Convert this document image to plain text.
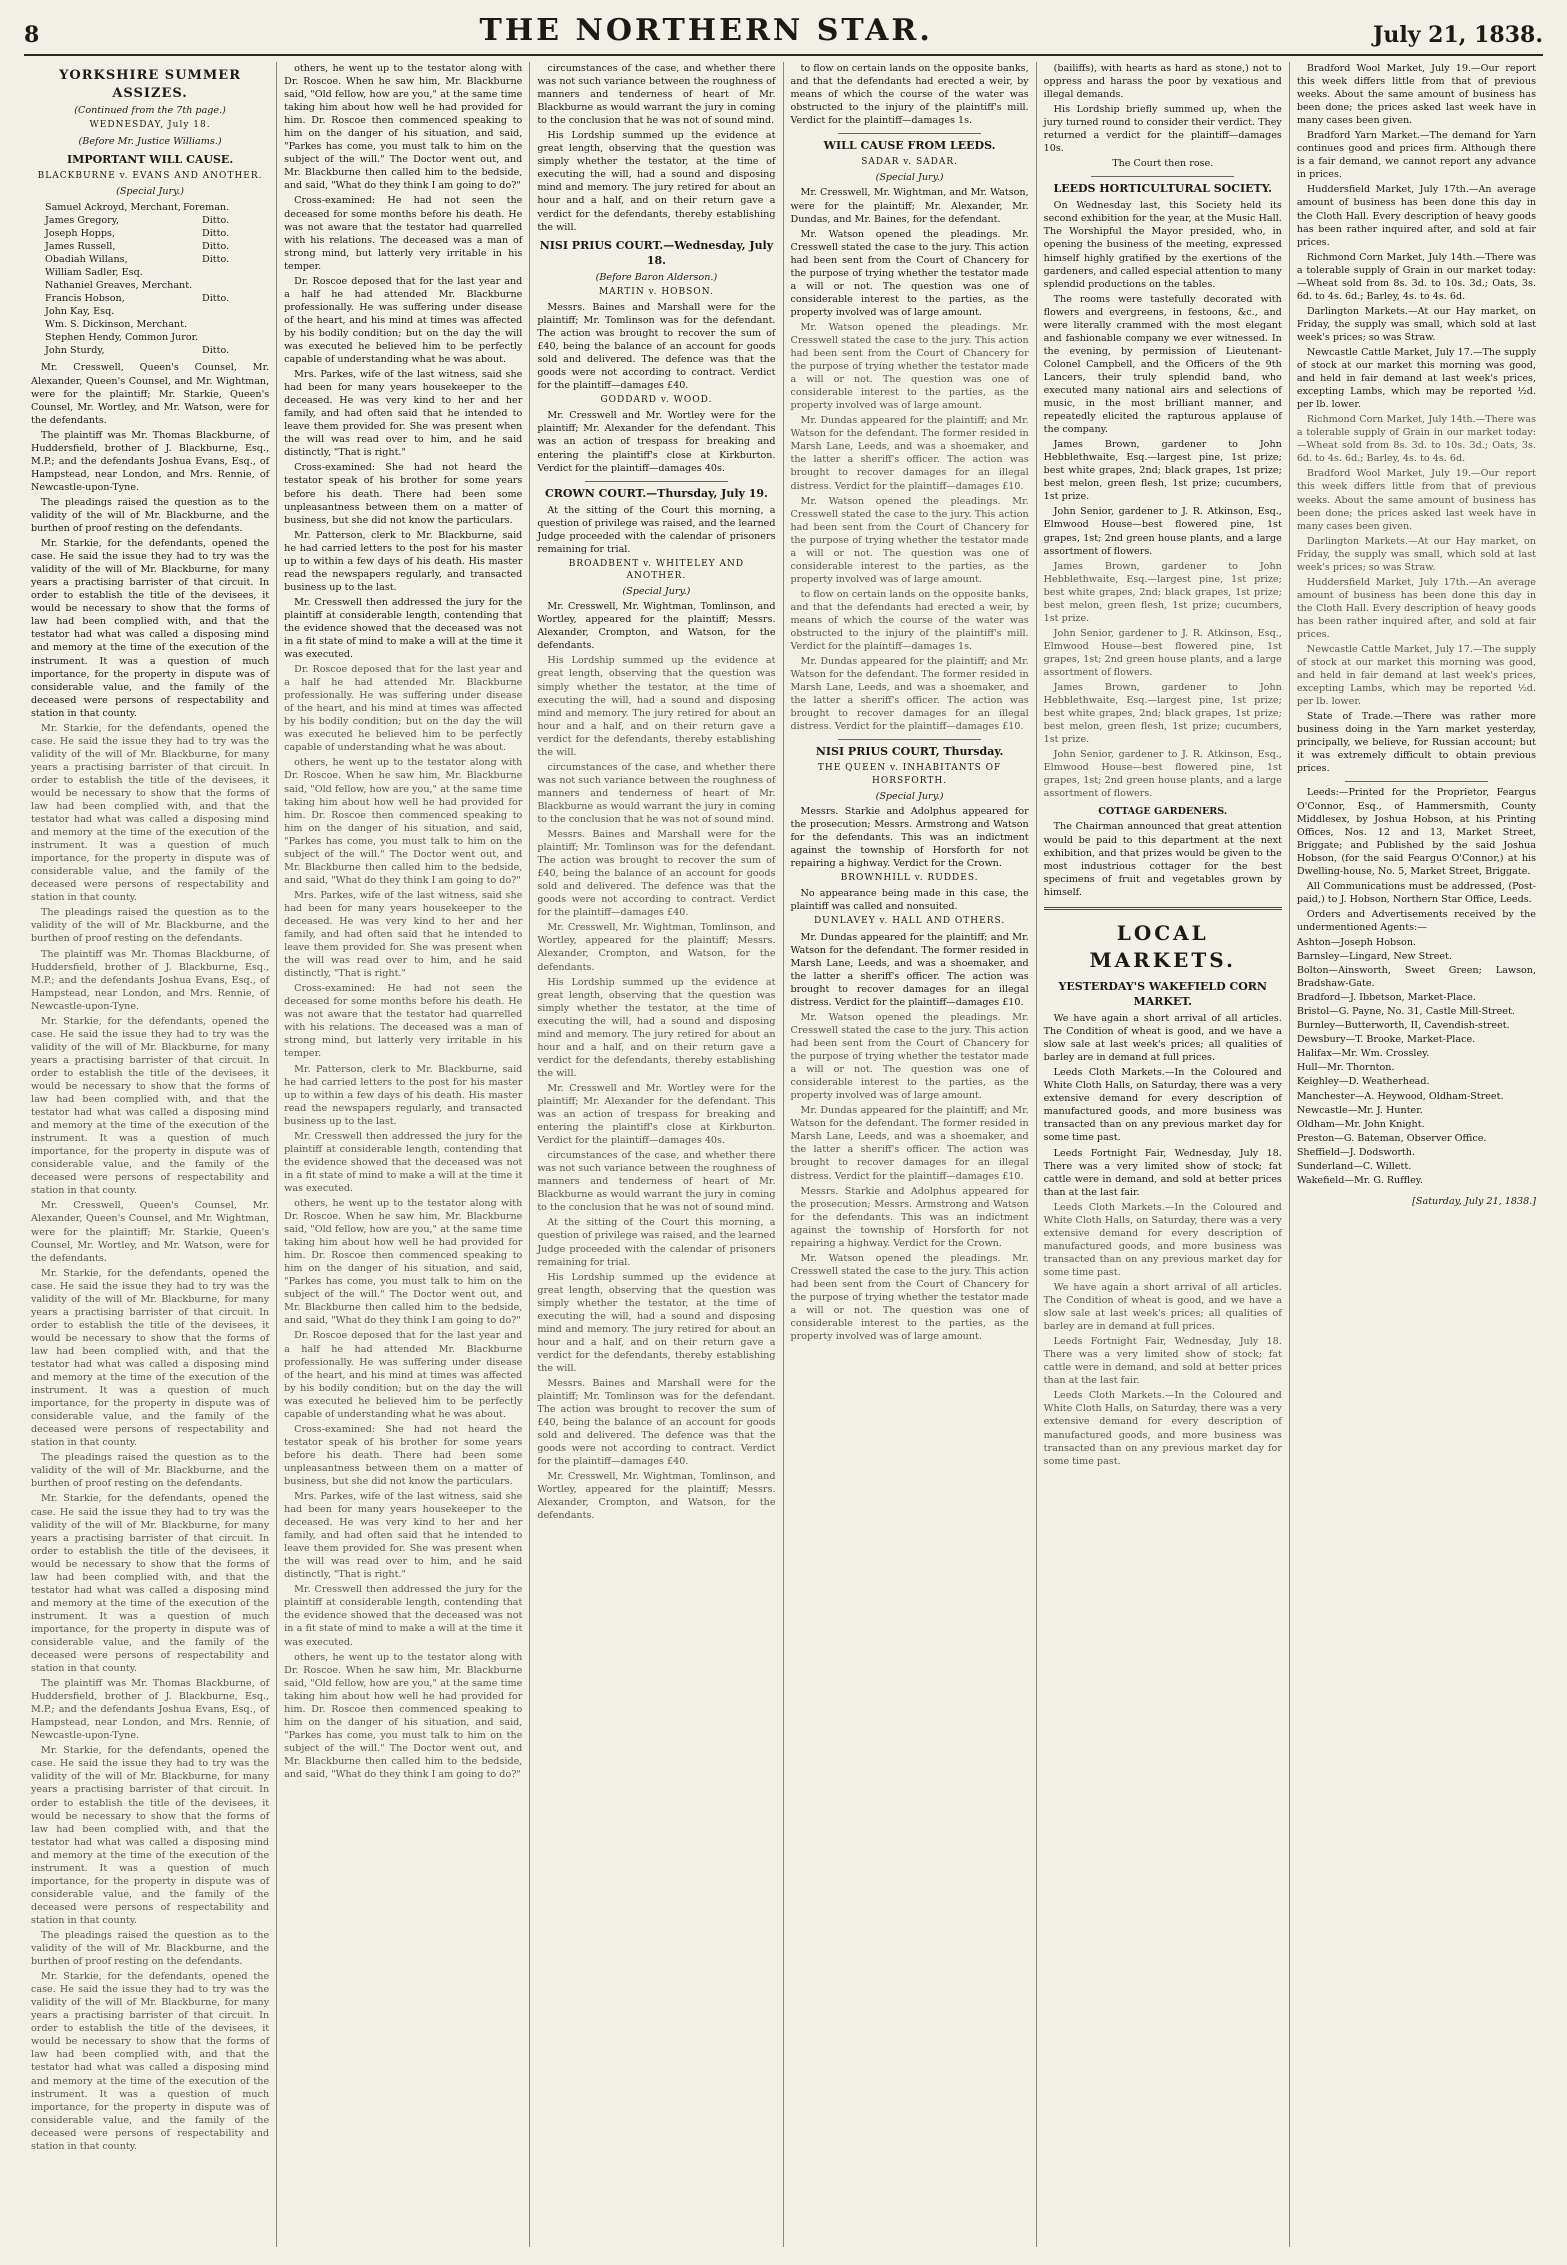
8	THE NORTHERN STAR.	July 21, 1838.
YORKSHIRE SUMMER ASSIZES.
(Continued from the 7th page.)
WEDNESDAY, July 18.
(Before Mr. Justice Williams.)
IMPORTANT WILL CAUSE.
BLACKBURNE v. EVANS AND ANOTHER.
(Special Jury.)
Samuel Ackroyd, Merchant, Foreman.
James Gregory,	Ditto.
Joseph Hopps,	Ditto.
James Russell,	Ditto.
Obadiah Willans,	Ditto.
William Sadler, Esq.
Nathaniel Greaves, Merchant.
Francis Hobson,	Ditto.
John Kay, Esq.
Wm. S. Dickinson, Merchant.
Stephen Hendy, Common Juror.
John Sturdy,	Ditto.

Mr. Cresswell, Queen's Counsel, Mr. Alexander, Queen's Counsel, and Mr. Wightman, were for the plaintiff; Mr. Starkie, Queen's Counsel, Mr. Wortley, and Mr. Watson, were for the defendants.

The plaintiff was Mr. Thomas Blackburne, of Huddersfield, brother of J. Blackburne, Esq., M.P.; and the defendants Joshua Evans, Esq., of Hampstead, near London, and Mrs. Rennie, of Newcastle-upon-Tyne.

The pleadings raised the question as to the validity of the will of Mr. Blackburne, and the burthen of proof resting on the defendants.

Mr. Starkie, for the defendants, opened the case. He said the issue they had to try was the validity of the will of Mr. Blackburne, for many years a practising barrister of that circuit. In order to establish the title of the devisees, it would be necessary to show that the forms of law had been complied with, and that the testator had what was called a disposing mind and memory at the time of the execution of the instrument. It was a question of much importance, for the property in dispute was of considerable value, and the family of the deceased were persons of respectability and station in that county.

Mr. Starkie, for the defendants, opened the case. He said the issue they had to try was the validity of the will of Mr. Blackburne, for many years a practising barrister of that circuit. In order to establish the title of the devisees, it would be necessary to show that the forms of law had been complied with, and that the testator had what was called a disposing mind and memory at the time of the execution of the instrument. It was a question of much importance, for the property in dispute was of considerable value, and the family of the deceased were persons of respectability and station in that county.

The pleadings raised the question as to the validity of the will of Mr. Blackburne, and the burthen of proof resting on the defendants.

The plaintiff was Mr. Thomas Blackburne, of Huddersfield, brother of J. Blackburne, Esq., M.P.; and the defendants Joshua Evans, Esq., of Hampstead, near London, and Mrs. Rennie, of Newcastle-upon-Tyne.

Mr. Starkie, for the defendants, opened the case. He said the issue they had to try was the validity of the will of Mr. Blackburne, for many years a practising barrister of that circuit. In order to establish the title of the devisees, it would be necessary to show that the forms of law had been complied with, and that the testator had what was called a disposing mind and memory at the time of the execution of the instrument. It was a question of much importance, for the property in dispute was of considerable value, and the family of the deceased were persons of respectability and station in that county.

Mr. Cresswell, Queen's Counsel, Mr. Alexander, Queen's Counsel, and Mr. Wightman, were for the plaintiff; Mr. Starkie, Queen's Counsel, Mr. Wortley, and Mr. Watson, were for the defendants.

Mr. Starkie, for the defendants, opened the case. He said the issue they had to try was the validity of the will of Mr. Blackburne, for many years a practising barrister of that circuit. In order to establish the title of the devisees, it would be necessary to show that the forms of law had been complied with, and that the testator had what was called a disposing mind and memory at the time of the execution of the instrument. It was a question of much importance, for the property in dispute was of considerable value, and the family of the deceased were persons of respectability and station in that county.

The pleadings raised the question as to the validity of the will of Mr. Blackburne, and the burthen of proof resting on the defendants.

Mr. Starkie, for the defendants, opened the case. He said the issue they had to try was the validity of the will of Mr. Blackburne, for many years a practising barrister of that circuit. In order to establish the title of the devisees, it would be necessary to show that the forms of law had been complied with, and that the testator had what was called a disposing mind and memory at the time of the execution of the instrument. It was a question of much importance, for the property in dispute was of considerable value, and the family of the deceased were persons of respectability and station in that county.

The plaintiff was Mr. Thomas Blackburne, of Huddersfield, brother of J. Blackburne, Esq., M.P.; and the defendants Joshua Evans, Esq., of Hampstead, near London, and Mrs. Rennie, of Newcastle-upon-Tyne.

Mr. Starkie, for the defendants, opened the case. He said the issue they had to try was the validity of the will of Mr. Blackburne, for many years a practising barrister of that circuit. In order to establish the title of the devisees, it would be necessary to show that the forms of law had been complied with, and that the testator had what was called a disposing mind and memory at the time of the execution of the instrument. It was a question of much importance, for the property in dispute was of considerable value, and the family of the deceased were persons of respectability and station in that county.

The pleadings raised the question as to the validity of the will of Mr. Blackburne, and the burthen of proof resting on the defendants.

Mr. Starkie, for the defendants, opened the case. He said the issue they had to try was the validity of the will of Mr. Blackburne, for many years a practising barrister of that circuit. In order to establish the title of the devisees, it would be necessary to show that the forms of law had been complied with, and that the testator had what was called a disposing mind and memory at the time of the execution of the instrument. It was a question of much importance, for the property in dispute was of considerable value, and the family of the deceased were persons of respectability and station in that county.

others, he went up to the testator along with Dr. Roscoe. When he saw him, Mr. Blackburne said, "Old fellow, how are you," at the same time taking him about how well he had provided for him. Dr. Roscoe then commenced speaking to him on the danger of his situation, and said, "Parkes has come, you must talk to him on the subject of the will." The Doctor went out, and Mr. Blackburne then called him to the bedside, and said, "What do they think I am going to do?"

Cross-examined: He had not seen the deceased for some months before his death. He was not aware that the testator had quarrelled with his relations. The deceased was a man of strong mind, but latterly very irritable in his temper.

Dr. Roscoe deposed that for the last year and a half he had attended Mr. Blackburne professionally. He was suffering under disease of the heart, and his mind at times was affected by his bodily condition; but on the day the will was executed he believed him to be perfectly capable of understanding what he was about.

Mrs. Parkes, wife of the last witness, said she had been for many years housekeeper to the deceased. He was very kind to her and her family, and had often said that he intended to leave them provided for. She was present when the will was read over to him, and he said distinctly, "That is right."

Cross-examined: She had not heard the testator speak of his brother for some years before his death. There had been some unpleasantness between them on a matter of business, but she did not know the particulars.

Mr. Patterson, clerk to Mr. Blackburne, said he had carried letters to the post for his master up to within a few days of his death. His master read the newspapers regularly, and transacted business up to the last.

Mr. Cresswell then addressed the jury for the plaintiff at considerable length, contending that the evidence showed that the deceased was not in a fit state of mind to make a will at the time it was executed.

Dr. Roscoe deposed that for the last year and a half he had attended Mr. Blackburne professionally. He was suffering under disease of the heart, and his mind at times was affected by his bodily condition; but on the day the will was executed he believed him to be perfectly capable of understanding what he was about.

others, he went up to the testator along with Dr. Roscoe. When he saw him, Mr. Blackburne said, "Old fellow, how are you," at the same time taking him about how well he had provided for him. Dr. Roscoe then commenced speaking to him on the danger of his situation, and said, "Parkes has come, you must talk to him on the subject of the will." The Doctor went out, and Mr. Blackburne then called him to the bedside, and said, "What do they think I am going to do?"

Mrs. Parkes, wife of the last witness, said she had been for many years housekeeper to the deceased. He was very kind to her and her family, and had often said that he intended to leave them provided for. She was present when the will was read over to him, and he said distinctly, "That is right."

Cross-examined: He had not seen the deceased for some months before his death. He was not aware that the testator had quarrelled with his relations. The deceased was a man of strong mind, but latterly very irritable in his temper.

Mr. Patterson, clerk to Mr. Blackburne, said he had carried letters to the post for his master up to within a few days of his death. His master read the newspapers regularly, and transacted business up to the last.

Mr. Cresswell then addressed the jury for the plaintiff at considerable length, contending that the evidence showed that the deceased was not in a fit state of mind to make a will at the time it was executed.

others, he went up to the testator along with Dr. Roscoe. When he saw him, Mr. Blackburne said, "Old fellow, how are you," at the same time taking him about how well he had provided for him. Dr. Roscoe then commenced speaking to him on the danger of his situation, and said, "Parkes has come, you must talk to him on the subject of the will." The Doctor went out, and Mr. Blackburne then called him to the bedside, and said, "What do they think I am going to do?"

Dr. Roscoe deposed that for the last year and a half he had attended Mr. Blackburne professionally. He was suffering under disease of the heart, and his mind at times was affected by his bodily condition; but on the day the will was executed he believed him to be perfectly capable of understanding what he was about.

Cross-examined: She had not heard the testator speak of his brother for some years before his death. There had been some unpleasantness between them on a matter of business, but she did not know the particulars.

Mrs. Parkes, wife of the last witness, said she had been for many years housekeeper to the deceased. He was very kind to her and her family, and had often said that he intended to leave them provided for. She was present when the will was read over to him, and he said distinctly, "That is right."

Mr. Cresswell then addressed the jury for the plaintiff at considerable length, contending that the evidence showed that the deceased was not in a fit state of mind to make a will at the time it was executed.

others, he went up to the testator along with Dr. Roscoe. When he saw him, Mr. Blackburne said, "Old fellow, how are you," at the same time taking him about how well he had provided for him. Dr. Roscoe then commenced speaking to him on the danger of his situation, and said, "Parkes has come, you must talk to him on the subject of the will." The Doctor went out, and Mr. Blackburne then called him to the bedside, and said, "What do they think I am going to do?"

circumstances of the case, and whether there was not such variance between the roughness of manners and tenderness of heart of Mr. Blackburne as would warrant the jury in coming to the conclusion that he was not of sound mind.

His Lordship summed up the evidence at great length, observing that the question was simply whether the testator, at the time of executing the will, had a sound and disposing mind and memory. The jury retired for about an hour and a half, and on their return gave a verdict for the defendants, thereby establishing the will.

NISI PRIUS COURT.—Wednesday, July 18.
(Before Baron Alderson.)
MARTIN v. HOBSON.

Messrs. Baines and Marshall were for the plaintiff; Mr. Tomlinson was for the defendant. The action was brought to recover the sum of £40, being the balance of an account for goods sold and delivered. The defence was that the goods were not according to contract. Verdict for the plaintiff—damages £40.

GODDARD v. WOOD.

Mr. Cresswell and Mr. Wortley were for the plaintiff; Mr. Alexander for the defendant. This was an action of trespass for breaking and entering the plaintiff's close at Kirkburton. Verdict for the plaintiff—damages 40s.

CROWN COURT.—Thursday, July 19.

At the sitting of the Court this morning, a question of privilege was raised, and the learned Judge proceeded with the calendar of prisoners remaining for trial.

BROADBENT v. WHITELEY AND ANOTHER.
(Special Jury.)

Mr. Cresswell, Mr. Wightman, Tomlinson, and Wortley, appeared for the plaintiff; Messrs. Alexander, Crompton, and Watson, for the defendants.

His Lordship summed up the evidence at great length, observing that the question was simply whether the testator, at the time of executing the will, had a sound and disposing mind and memory. The jury retired for about an hour and a half, and on their return gave a verdict for the defendants, thereby establishing the will.

circumstances of the case, and whether there was not such variance between the roughness of manners and tenderness of heart of Mr. Blackburne as would warrant the jury in coming to the conclusion that he was not of sound mind.

Messrs. Baines and Marshall were for the plaintiff; Mr. Tomlinson was for the defendant. The action was brought to recover the sum of £40, being the balance of an account for goods sold and delivered. The defence was that the goods were not according to contract. Verdict for the plaintiff—damages £40.

Mr. Cresswell, Mr. Wightman, Tomlinson, and Wortley, appeared for the plaintiff; Messrs. Alexander, Crompton, and Watson, for the defendants.

His Lordship summed up the evidence at great length, observing that the question was simply whether the testator, at the time of executing the will, had a sound and disposing mind and memory. The jury retired for about an hour and a half, and on their return gave a verdict for the defendants, thereby establishing the will.

Mr. Cresswell and Mr. Wortley were for the plaintiff; Mr. Alexander for the defendant. This was an action of trespass for breaking and entering the plaintiff's close at Kirkburton. Verdict for the plaintiff—damages 40s.

circumstances of the case, and whether there was not such variance between the roughness of manners and tenderness of heart of Mr. Blackburne as would warrant the jury in coming to the conclusion that he was not of sound mind.

At the sitting of the Court this morning, a question of privilege was raised, and the learned Judge proceeded with the calendar of prisoners remaining for trial.

His Lordship summed up the evidence at great length, observing that the question was simply whether the testator, at the time of executing the will, had a sound and disposing mind and memory. The jury retired for about an hour and a half, and on their return gave a verdict for the defendants, thereby establishing the will.

Messrs. Baines and Marshall were for the plaintiff; Mr. Tomlinson was for the defendant. The action was brought to recover the sum of £40, being the balance of an account for goods sold and delivered. The defence was that the goods were not according to contract. Verdict for the plaintiff—damages £40.

Mr. Cresswell, Mr. Wightman, Tomlinson, and Wortley, appeared for the plaintiff; Messrs. Alexander, Crompton, and Watson, for the defendants.

to flow on certain lands on the opposite banks, and that the defendants had erected a weir, by means of which the course of the water was obstructed to the injury of the plaintiff's mill. Verdict for the plaintiff—damages 1s.

WILL CAUSE FROM LEEDS.
SADAR v. SADAR.
(Special Jury.)

Mr. Cresswell, Mr. Wightman, and Mr. Watson, were for the plaintiff; Mr. Alexander, Mr. Dundas, and Mr. Baines, for the defendant.

Mr. Watson opened the pleadings. Mr. Cresswell stated the case to the jury. This action had been sent from the Court of Chancery for the purpose of trying whether the testator made a will or not. The question was one of considerable interest to the parties, as the property involved was of large amount.

Mr. Watson opened the pleadings. Mr. Cresswell stated the case to the jury. This action had been sent from the Court of Chancery for the purpose of trying whether the testator made a will or not. The question was one of considerable interest to the parties, as the property involved was of large amount.

Mr. Dundas appeared for the plaintiff; and Mr. Watson for the defendant. The former resided in Marsh Lane, Leeds, and was a shoemaker, and the latter a sheriff's officer. The action was brought to recover damages for an illegal distress. Verdict for the plaintiff—damages £10.

Mr. Watson opened the pleadings. Mr. Cresswell stated the case to the jury. This action had been sent from the Court of Chancery for the purpose of trying whether the testator made a will or not. The question was one of considerable interest to the parties, as the property involved was of large amount.

to flow on certain lands on the opposite banks, and that the defendants had erected a weir, by means of which the course of the water was obstructed to the injury of the plaintiff's mill. Verdict for the plaintiff—damages 1s.

Mr. Dundas appeared for the plaintiff; and Mr. Watson for the defendant. The former resided in Marsh Lane, Leeds, and was a shoemaker, and the latter a sheriff's officer. The action was brought to recover damages for an illegal distress. Verdict for the plaintiff—damages £10.

NISI PRIUS COURT, Thursday.
THE QUEEN v. INHABITANTS OF HORSFORTH.
(Special Jury.)

Messrs. Starkie and Adolphus appeared for the prosecution; Messrs. Armstrong and Watson for the defendants. This was an indictment against the township of Horsforth for not repairing a highway. Verdict for the Crown.

BROWNHILL v. RUDDES.

No appearance being made in this case, the plaintiff was called and nonsuited.

DUNLAVEY v. HALL AND OTHERS.

Mr. Dundas appeared for the plaintiff; and Mr. Watson for the defendant. The former resided in Marsh Lane, Leeds, and was a shoemaker, and the latter a sheriff's officer. The action was brought to recover damages for an illegal distress. Verdict for the plaintiff—damages £10.

Mr. Watson opened the pleadings. Mr. Cresswell stated the case to the jury. This action had been sent from the Court of Chancery for the purpose of trying whether the testator made a will or not. The question was one of considerable interest to the parties, as the property involved was of large amount.

Mr. Dundas appeared for the plaintiff; and Mr. Watson for the defendant. The former resided in Marsh Lane, Leeds, and was a shoemaker, and the latter a sheriff's officer. The action was brought to recover damages for an illegal distress. Verdict for the plaintiff—damages £10.

Messrs. Starkie and Adolphus appeared for the prosecution; Messrs. Armstrong and Watson for the defendants. This was an indictment against the township of Horsforth for not repairing a highway. Verdict for the Crown.

Mr. Watson opened the pleadings. Mr. Cresswell stated the case to the jury. This action had been sent from the Court of Chancery for the purpose of trying whether the testator made a will or not. The question was one of considerable interest to the parties, as the property involved was of large amount.

(bailiffs), with hearts as hard as stone,) not to oppress and harass the poor by vexatious and illegal demands.

His Lordship briefly summed up, when the jury turned round to consider their verdict. They returned a verdict for the plaintiff—damages 10s.

The Court then rose.
LEEDS HORTICULTURAL SOCIETY.

On Wednesday last, this Society held its second exhibition for the year, at the Music Hall. The Worshipful the Mayor presided, who, in opening the business of the meeting, expressed himself highly gratified by the exertions of the gardeners, and called especial attention to many splendid productions on the tables.

The rooms were tastefully decorated with flowers and evergreens, in festoons, &c., and were literally crammed with the most elegant and fashionable company we ever witnessed. In the evening, by permission of Lieutenant-Colonel Campbell, and the Officers of the 9th Lancers, their truly splendid band, who executed many national airs and selections of music, in the most brilliant manner, and repeatedly elicited the rapturous applause of the company.

James Brown, gardener to John Hebblethwaite, Esq.—largest pine, 1st prize; best white grapes, 2nd; black grapes, 1st prize; best melon, green flesh, 1st prize; cucumbers, 1st prize.

John Senior, gardener to J. R. Atkinson, Esq., Elmwood House—best flowered pine, 1st grapes, 1st; 2nd green house plants, and a large assortment of flowers.

James Brown, gardener to John Hebblethwaite, Esq.—largest pine, 1st prize; best white grapes, 2nd; black grapes, 1st prize; best melon, green flesh, 1st prize; cucumbers, 1st prize.

John Senior, gardener to J. R. Atkinson, Esq., Elmwood House—best flowered pine, 1st grapes, 1st; 2nd green house plants, and a large assortment of flowers.

James Brown, gardener to John Hebblethwaite, Esq.—largest pine, 1st prize; best white grapes, 2nd; black grapes, 1st prize; best melon, green flesh, 1st prize; cucumbers, 1st prize.

John Senior, gardener to J. R. Atkinson, Esq., Elmwood House—best flowered pine, 1st grapes, 1st; 2nd green house plants, and a large assortment of flowers.

COTTAGE GARDENERS.

The Chairman announced that great attention would be paid to this department at the next exhibition, and that prizes would be given to the most industrious cottager for the best specimens of fruit and vegetables grown by himself.

LOCAL MARKETS.
YESTERDAY'S WAKEFIELD CORN MARKET.

We have again a short arrival of all articles. The Condition of wheat is good, and we have a slow sale at last week's prices; all qualities of barley are in demand at full prices.

Leeds Cloth Markets.—In the Coloured and White Cloth Halls, on Saturday, there was a very extensive demand for every description of manufactured goods, and more business was transacted than on any previous market day for some time past.

Leeds Fortnight Fair, Wednesday, July 18. There was a very limited show of stock; fat cattle were in demand, and sold at better prices than at the last fair.

Leeds Cloth Markets.—In the Coloured and White Cloth Halls, on Saturday, there was a very extensive demand for every description of manufactured goods, and more business was transacted than on any previous market day for some time past.

We have again a short arrival of all articles. The Condition of wheat is good, and we have a slow sale at last week's prices; all qualities of barley are in demand at full prices.

Leeds Fortnight Fair, Wednesday, July 18. There was a very limited show of stock; fat cattle were in demand, and sold at better prices than at the last fair.

Leeds Cloth Markets.—In the Coloured and White Cloth Halls, on Saturday, there was a very extensive demand for every description of manufactured goods, and more business was transacted than on any previous market day for some time past.

Bradford Wool Market, July 19.—Our report this week differs little from that of previous weeks. About the same amount of business has been done; the prices asked last week have in many cases been given.

Bradford Yarn Market.—The demand for Yarn continues good and prices firm. Although there is a fair demand, we cannot report any advance in prices.

Huddersfield Market, July 17th.—An average amount of business has been done this day in the Cloth Hall. Every description of heavy goods has been rather inquired after, and sold at fair prices.

Richmond Corn Market, July 14th.—There was a tolerable supply of Grain in our market today:—Wheat sold from 8s. 3d. to 10s. 3d.; Oats, 3s. 6d. to 4s. 6d.; Barley, 4s. to 4s. 6d.

Darlington Markets.—At our Hay market, on Friday, the supply was small, which sold at last week's prices; so was Straw.

Newcastle Cattle Market, July 17.—The supply of stock at our market this morning was good, and held in fair demand at last week's prices, excepting Lambs, which may be reported ½d. per lb. lower.

Richmond Corn Market, July 14th.—There was a tolerable supply of Grain in our market today:—Wheat sold from 8s. 3d. to 10s. 3d.; Oats, 3s. 6d. to 4s. 6d.; Barley, 4s. to 4s. 6d.

Bradford Wool Market, July 19.—Our report this week differs little from that of previous weeks. About the same amount of business has been done; the prices asked last week have in many cases been given.

Darlington Markets.—At our Hay market, on Friday, the supply was small, which sold at last week's prices; so was Straw.

Huddersfield Market, July 17th.—An average amount of business has been done this day in the Cloth Hall. Every description of heavy goods has been rather inquired after, and sold at fair prices.

Newcastle Cattle Market, July 17.—The supply of stock at our market this morning was good, and held in fair demand at last week's prices, excepting Lambs, which may be reported ½d. per lb. lower.

State of Trade.—There was rather more business doing in the Yarn market yesterday, principally, we believe, for Russian account; but it was extremely difficult to obtain previous prices.

Leeds:—Printed for the Proprietor, Feargus O'Connor, Esq., of Hammersmith, County Middlesex, by Joshua Hobson, at his Printing Offices, Nos. 12 and 13, Market Street, Briggate; and Published by the said Joshua Hobson, (for the said Feargus O'Connor,) at his Dwelling-house, No. 5, Market Street, Briggate.

All Communications must be addressed, (Post-paid,) to J. Hobson, Northern Star Office, Leeds.

Orders and Advertisements received by the undermentioned Agents:—

Ashton—Joseph Hobson.
Barnsley—Lingard, New Street.
Bolton—Ainsworth, Sweet Green; Lawson, Bradshaw-Gate.
Bradford—J. Ibbetson, Market-Place.
Bristol—G. Payne, No. 31, Castle Mill-Street.
Burnley—Butterworth, II, Cavendish-street.
Dewsbury—T. Brooke, Market-Place.
Halifax—Mr. Wm. Crossley.
Hull—Mr. Thornton.
Keighley—D. Weatherhead.
Manchester—A. Heywood, Oldham-Street.
Newcastle—Mr. J. Hunter.
Oldham—Mr. John Knight.
Preston—G. Bateman, Observer Office.
Sheffield—J. Dodsworth.
Sunderland—C. Willett.
Wakefield—Mr. G. Ruffley.
[Saturday, July 21, 1838.]
